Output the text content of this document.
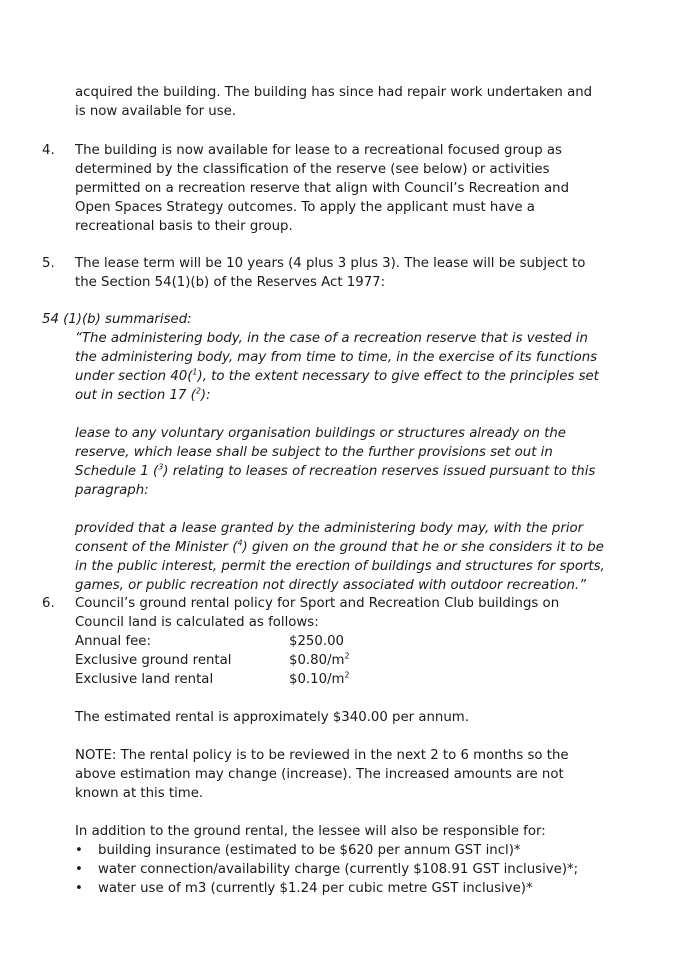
acquired the building. The building has since had repair work undertaken and is now available for use.

4. The building is now available for lease to a recreational focused group as determined by the classification of the reserve (see below) or activities permitted on a recreation reserve that align with Council’s Recreation and Open Spaces Strategy outcomes. To apply the applicant must have a recreational basis to their group.

5. The lease term will be 10 years (4 plus 3 plus 3). The lease will be subject to the Section 54(1)(b) of the Reserves Act 1977:

54 (1)(b) summarised:

“The administering body, in the case of a recreation reserve that is vested in the administering body, may from time to time, in the exercise of its functions under section 40($^1$), to the extent necessary to give effect to the principles set out in section 17 ($^2$):

lease to any voluntary organisation buildings or structures already on the reserve, which lease shall be subject to the further provisions set out in Schedule 1 ($^3$) relating to leases of recreation reserves issued pursuant to this paragraph:

provided that a lease granted by the administering body may, with the prior consent of the Minister ($^4$) given on the ground that he or she considers it to be in the public interest, permit the erection of buildings and structures for sports, games, or public recreation not directly associated with outdoor recreation.”

6. Council’s ground rental policy for Sport and Recreation Club buildings on Council land is calculated as follows:

Annual fee:	$250.00
Exclusive ground rental	$\$0.80/m^2$
Exclusive land rental	$\$0.10/m^2$

The estimated rental is approximately $340.00 per annum.

NOTE: The rental policy is to be reviewed in the next 2 to 6 months so the above estimation may change (increase). The increased amounts are not known at this time.

In addition to the ground rental, the lessee will also be responsible for:

• building insurance (estimated to be $620 per annum GST incl)*
• water connection/availability charge (currently $108.91 GST inclusive)*;
• water use of m3 (currently $1.24 per cubic metre GST inclusive)*
